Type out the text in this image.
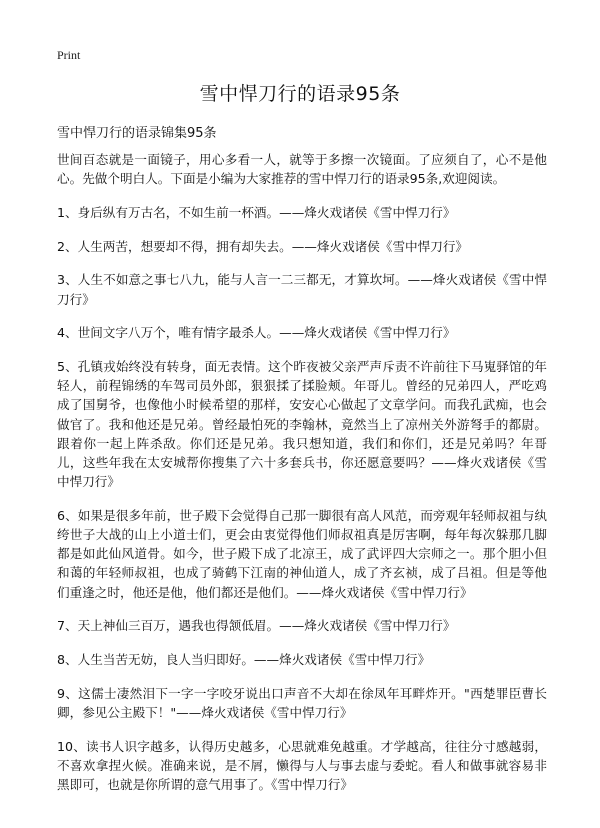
Print
雪中悍刀行的语录95条

雪中悍刀行的语录锦集95条

世间百态就是一面镜子，用心多看一人，就等于多擦一次镜面。了应须自了，心不是他心。先做个明白人。下面是小编为大家推荐的雪中悍刀行的语录95条,欢迎阅读。

1、身后纵有万古名，不如生前一杯酒。——烽火戏诸侯《雪中悍刀行》

2、人生两苦，想要却不得，拥有却失去。——烽火戏诸侯《雪中悍刀行》

3、人生不如意之事七八九，能与人言一二三都无，才算坎坷。——烽火戏诸侯《雪中悍刀行》

4、世间文字八万个，唯有情字最杀人。——烽火戏诸侯《雪中悍刀行》

5、孔镇戎始终没有转身，面无表情。这个昨夜被父亲严声斥责不许前往下马嵬驿馆的年轻人，前程锦绣的车驾司员外郎，狠狠揉了揉脸颊。年哥儿。曾经的兄弟四人，严吃鸡成了国舅爷，也像他小时候希望的那样，安安心心做起了文章学问。而我孔武痴，也会做官了。我和他还是兄弟。曾经最怕死的李翰林，竟然当上了凉州关外游弩手的都尉。跟着你一起上阵杀敌。你们还是兄弟。我只想知道，我们和你们，还是兄弟吗？年哥儿，这些年我在太安城帮你搜集了六十多套兵书，你还愿意要吗？——烽火戏诸侯《雪中悍刀行》

6、如果是很多年前，世子殿下会觉得自己那一脚很有高人风范，而旁观年轻师叔祖与纨绔世子大战的山上小道士们，更会由衷觉得他们师叔祖真是厉害啊，每年每次躲那几脚都是如此仙风道骨。如今，世子殿下成了北凉王，成了武评四大宗师之一。那个胆小但和蔼的年轻师叔祖，也成了骑鹤下江南的神仙道人，成了齐玄祯，成了吕祖。但是等他们重逢之时，他还是他，他们都还是他们。——烽火戏诸侯《雪中悍刀行》

7、天上神仙三百万，遇我也得颔低眉。——烽火戏诸侯《雪中悍刀行》

8、人生当苦无妨，良人当归即好。——烽火戏诸侯《雪中悍刀行》

9、这儒士凄然泪下一字一字咬牙说出口声音不大却在徐凤年耳畔炸开。"西楚罪臣曹长卿，参见公主殿下！"——烽火戏诸侯《雪中悍刀行》

10、读书人识字越多，认得历史越多，心思就难免越重。才学越高，往往分寸感越弱，不喜欢拿捏火候。准确来说，是不屑，懒得与人与事去虚与委蛇。看人和做事就容易非黑即可，也就是你所谓的意气用事了。《雪中悍刀行》
